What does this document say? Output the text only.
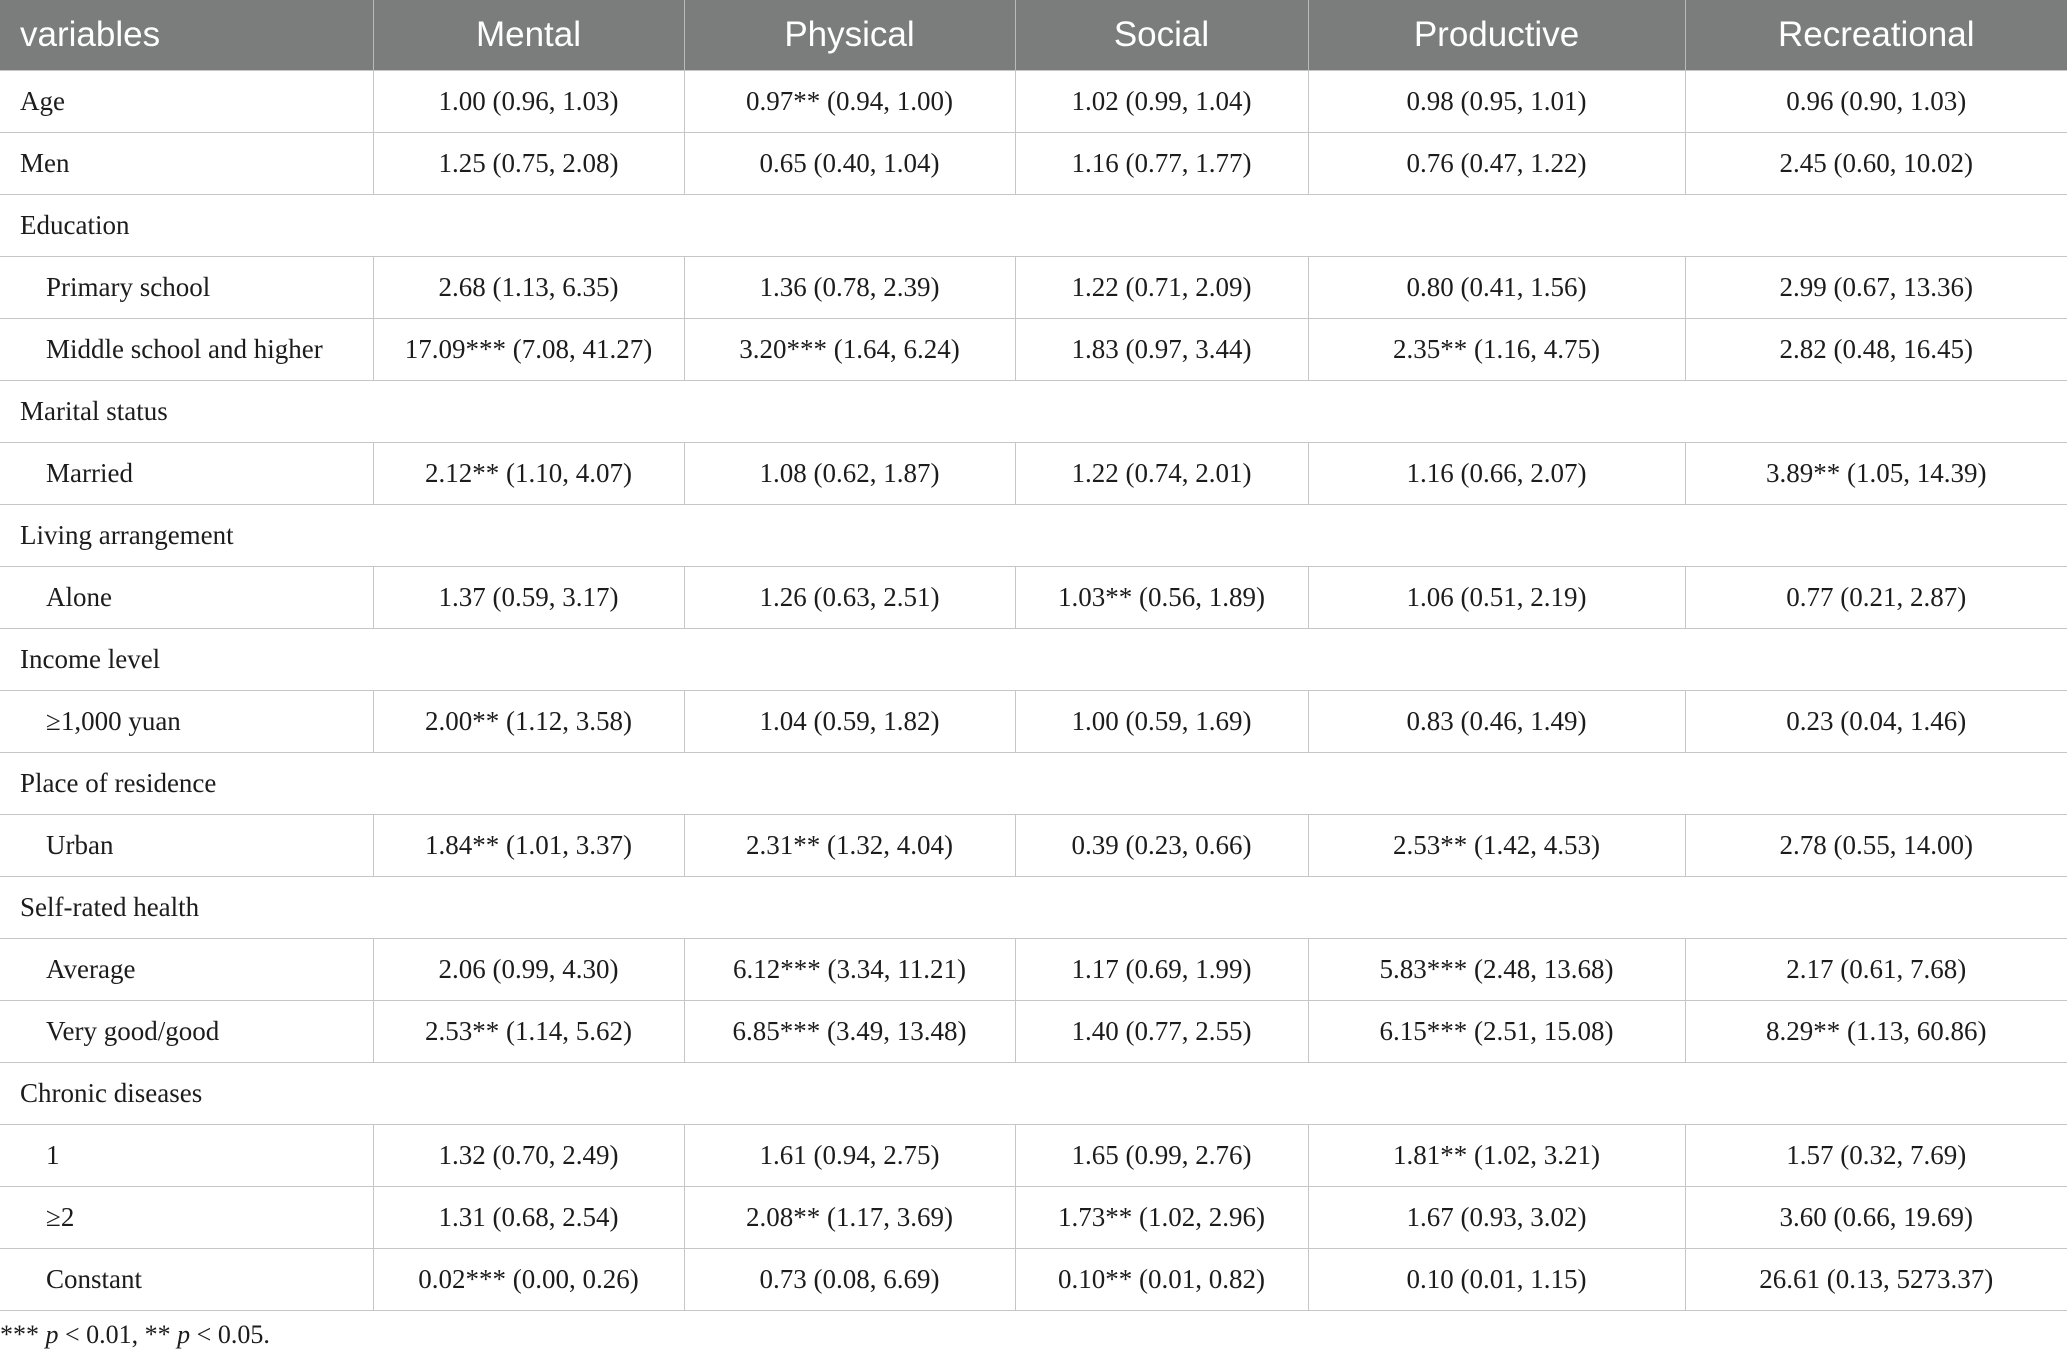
variables	Mental	Physical	Social	Productive	Recreational
Age	1.00 (0.96, 1.03)	0.97** (0.94, 1.00)	1.02 (0.99, 1.04)	0.98 (0.95, 1.01)	0.96 (0.90, 1.03)
Men	1.25 (0.75, 2.08)	0.65 (0.40, 1.04)	1.16 (0.77, 1.77)	0.76 (0.47, 1.22)	2.45 (0.60, 10.02)
Education					
Primary school	2.68 (1.13, 6.35)	1.36 (0.78, 2.39)	1.22 (0.71, 2.09)	0.80 (0.41, 1.56)	2.99 (0.67, 13.36)
Middle school and higher	17.09*** (7.08, 41.27)	3.20*** (1.64, 6.24)	1.83 (0.97, 3.44)	2.35** (1.16, 4.75)	2.82 (0.48, 16.45)
Marital status					
Married	2.12** (1.10, 4.07)	1.08 (0.62, 1.87)	1.22 (0.74, 2.01)	1.16 (0.66, 2.07)	3.89** (1.05, 14.39)
Living arrangement					
Alone	1.37 (0.59, 3.17)	1.26 (0.63, 2.51)	1.03** (0.56, 1.89)	1.06 (0.51, 2.19)	0.77 (0.21, 2.87)
Income level					
≥1,000 yuan	2.00** (1.12, 3.58)	1.04 (0.59, 1.82)	1.00 (0.59, 1.69)	0.83 (0.46, 1.49)	0.23 (0.04, 1.46)
Place of residence					
Urban	1.84** (1.01, 3.37)	2.31** (1.32, 4.04)	0.39 (0.23, 0.66)	2.53** (1.42, 4.53)	2.78 (0.55, 14.00)
Self-rated health					
Average	2.06 (0.99, 4.30)	6.12*** (3.34, 11.21)	1.17 (0.69, 1.99)	5.83*** (2.48, 13.68)	2.17 (0.61, 7.68)
Very good/good	2.53** (1.14, 5.62)	6.85*** (3.49, 13.48)	1.40 (0.77, 2.55)	6.15*** (2.51, 15.08)	8.29** (1.13, 60.86)
Chronic diseases					
1	1.32 (0.70, 2.49)	1.61 (0.94, 2.75)	1.65 (0.99, 2.76)	1.81** (1.02, 3.21)	1.57 (0.32, 7.69)
≥2	1.31 (0.68, 2.54)	2.08** (1.17, 3.69)	1.73** (1.02, 2.96)	1.67 (0.93, 3.02)	3.60 (0.66, 19.69)
Constant	0.02*** (0.00, 0.26)	0.73 (0.08, 6.69)	0.10** (0.01, 0.82)	0.10 (0.01, 1.15)	26.61 (0.13, 5273.37)
*** p < 0.01, ** p < 0.05.
